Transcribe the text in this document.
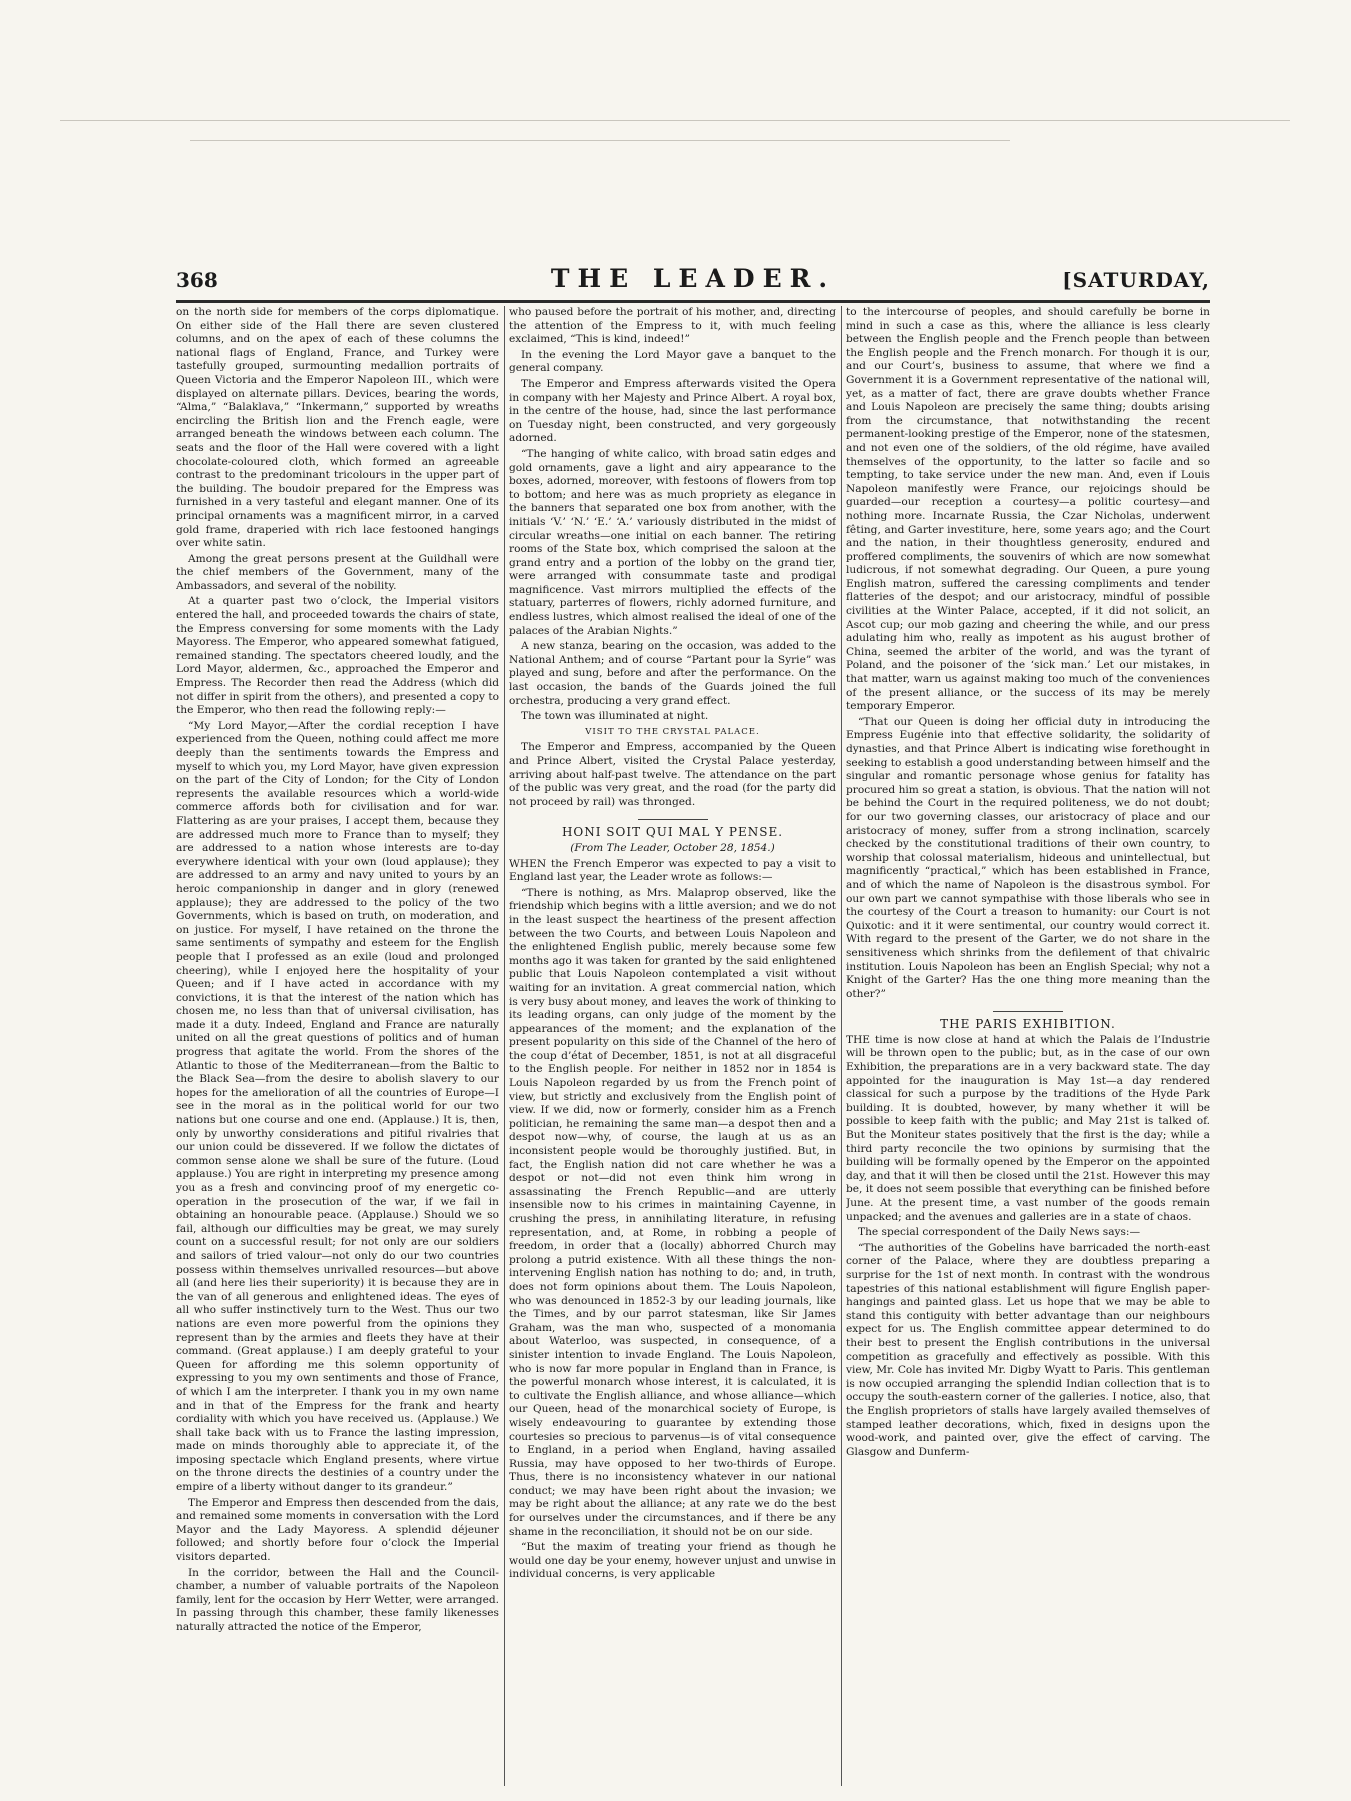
368	THE LEADER.	[SATURDAY,

on the north side for members of the corps diplomatique. On either side of the Hall there are seven clustered columns, and on the apex of each of these columns the national flags of England, France, and Turkey were tastefully grouped, surmounting medallion portraits of Queen Victoria and the Emperor Napoleon III., which were displayed on alternate pillars. Devices, bearing the words, “Alma,” “Balaklava,” “Inkermann,” supported by wreaths encircling the British lion and the French eagle, were arranged beneath the windows between each column. The seats and the floor of the Hall were covered with a light chocolate-coloured cloth, which formed an agreeable contrast to the predominant tricolours in the upper part of the building. The boudoir prepared for the Empress was furnished in a very tasteful and elegant manner. One of its principal ornaments was a magnificent mirror, in a carved gold frame, draperied with rich lace festooned hangings over white satin.

Among the great persons present at the Guildhall were the chief members of the Government, many of the Ambassadors, and several of the nobility.

At a quarter past two o’clock, the Imperial visitors entered the hall, and proceeded towards the chairs of state, the Empress conversing for some moments with the Lady Mayoress. The Emperor, who appeared somewhat fatigued, remained standing. The spectators cheered loudly, and the Lord Mayor, aldermen, &c., approached the Emperor and Empress. The Recorder then read the Address (which did not differ in spirit from the others), and presented a copy to the Emperor, who then read the following reply:—

“My Lord Mayor,—After the cordial reception I have experienced from the Queen, nothing could affect me more deeply than the sentiments towards the Empress and myself to which you, my Lord Mayor, have given expression on the part of the City of London; for the City of London represents the available resources which a world-wide commerce affords both for civilisation and for war. Flattering as are your praises, I accept them, because they are addressed much more to France than to myself; they are addressed to a nation whose interests are to-day everywhere identical with your own (loud applause); they are addressed to an army and navy united to yours by an heroic companionship in danger and in glory (renewed applause); they are addressed to the policy of the two Governments, which is based on truth, on moderation, and on justice. For myself, I have retained on the throne the same sentiments of sympathy and esteem for the English people that I professed as an exile (loud and prolonged cheering), while I enjoyed here the hospitality of your Queen; and if I have acted in accordance with my convictions, it is that the interest of the nation which has chosen me, no less than that of universal civilisation, has made it a duty. Indeed, England and France are naturally united on all the great questions of politics and of human progress that agitate the world. From the shores of the Atlantic to those of the Mediterranean—from the Baltic to the Black Sea—from the desire to abolish slavery to our hopes for the amelioration of all the countries of Europe—I see in the moral as in the political world for our two nations but one course and one end. (Applause.) It is, then, only by unworthy considerations and pitiful rivalries that our union could be dissevered. If we follow the dictates of common sense alone we shall be sure of the future. (Loud applause.) You are right in interpreting my presence among you as a fresh and convincing proof of my energetic co-operation in the prosecution of the war, if we fail in obtaining an honourable peace. (Applause.) Should we so fail, although our difficulties may be great, we may surely count on a successful result; for not only are our soldiers and sailors of tried valour—not only do our two countries possess within themselves unrivalled resources—but above all (and here lies their superiority) it is because they are in the van of all generous and enlightened ideas. The eyes of all who suffer instinctively turn to the West. Thus our two nations are even more powerful from the opinions they represent than by the armies and fleets they have at their command. (Great applause.) I am deeply grateful to your Queen for affording me this solemn opportunity of expressing to you my own sentiments and those of France, of which I am the interpreter. I thank you in my own name and in that of the Empress for the frank and hearty cordiality with which you have received us. (Applause.) We shall take back with us to France the lasting impression, made on minds thoroughly able to appreciate it, of the imposing spectacle which England presents, where virtue on the throne directs the destinies of a country under the empire of a liberty without danger to its grandeur.”

The Emperor and Empress then descended from the dais, and remained some moments in conversation with the Lord Mayor and the Lady Mayoress. A splendid déjeuner followed; and shortly before four o’clock the Imperial visitors departed.

In the corridor, between the Hall and the Council-chamber, a number of valuable portraits of the Napoleon family, lent for the occasion by Herr Wetter, were arranged. In passing through this chamber, these family likenesses naturally attracted the notice of the Emperor,

who paused before the portrait of his mother, and, directing the attention of the Empress to it, with much feeling exclaimed, “This is kind, indeed!”

In the evening the Lord Mayor gave a banquet to the general company.

The Emperor and Empress afterwards visited the Opera in company with her Majesty and Prince Albert. A royal box, in the centre of the house, had, since the last performance on Tuesday night, been constructed, and very gorgeously adorned.

“The hanging of white calico, with broad satin edges and gold ornaments, gave a light and airy appearance to the boxes, adorned, moreover, with festoons of flowers from top to bottom; and here was as much propriety as elegance in the banners that separated one box from another, with the initials ‘V.’ ‘N.’ ‘E.’ ‘A.’ variously distributed in the midst of circular wreaths—one initial on each banner. The retiring rooms of the State box, which comprised the saloon at the grand entry and a portion of the lobby on the grand tier, were arranged with consummate taste and prodigal magnificence. Vast mirrors multiplied the effects of the statuary, parterres of flowers, richly adorned furniture, and endless lustres, which almost realised the ideal of one of the palaces of the Arabian Nights.”

A new stanza, bearing on the occasion, was added to the National Anthem; and of course “Partant pour la Syrie” was played and sung, before and after the performance. On the last occasion, the bands of the Guards joined the full orchestra, producing a very grand effect.

The town was illuminated at night.

VISIT TO THE CRYSTAL PALACE.

The Emperor and Empress, accompanied by the Queen and Prince Albert, visited the Crystal Palace yesterday, arriving about half-past twelve. The attendance on the part of the public was very great, and the road (for the party did not proceed by rail) was thronged.

HONI SOIT QUI MAL Y PENSE.

(From The Leader, October 28, 1854.)

WHEN the French Emperor was expected to pay a visit to England last year, the Leader wrote as follows:—

“There is nothing, as Mrs. Malaprop observed, like the friendship which begins with a little aversion; and we do not in the least suspect the heartiness of the present affection between the two Courts, and between Louis Napoleon and the enlightened English public, merely because some few months ago it was taken for granted by the said enlightened public that Louis Napoleon contemplated a visit without waiting for an invitation. A great commercial nation, which is very busy about money, and leaves the work of thinking to its leading organs, can only judge of the moment by the appearances of the moment; and the explanation of the present popularity on this side of the Channel of the hero of the coup d’état of December, 1851, is not at all disgraceful to the English people. For neither in 1852 nor in 1854 is Louis Napoleon regarded by us from the French point of view, but strictly and exclusively from the English point of view. If we did, now or formerly, consider him as a French politician, he remaining the same man—a despot then and a despot now—why, of course, the laugh at us as an inconsistent people would be thoroughly justified. But, in fact, the English nation did not care whether he was a despot or not—did not even think him wrong in assassinating the French Republic—and are utterly insensible now to his crimes in maintaining Cayenne, in crushing the press, in annihilating literature, in refusing representation, and, at Rome, in robbing a people of freedom, in order that a (locally) abhorred Church may prolong a putrid existence. With all these things the non-intervening English nation has nothing to do; and, in truth, does not form opinions about them. The Louis Napoleon, who was denounced in 1852-3 by our leading journals, like the Times, and by our parrot statesman, like Sir James Graham, was the man who, suspected of a monomania about Waterloo, was suspected, in consequence, of a sinister intention to invade England. The Louis Napoleon, who is now far more popular in England than in France, is the powerful monarch whose interest, it is calculated, it is to cultivate the English alliance, and whose alliance—which our Queen, head of the monarchical society of Europe, is wisely endeavouring to guarantee by extending those courtesies so precious to parvenus—is of vital consequence to England, in a period when England, having assailed Russia, may have opposed to her two-thirds of Europe. Thus, there is no inconsistency whatever in our national conduct; we may have been right about the invasion; we may be right about the alliance; at any rate we do the best for ourselves under the circumstances, and if there be any shame in the reconciliation, it should not be on our side.

“But the maxim of treating your friend as though he would one day be your enemy, however unjust and unwise in individual concerns, is very applicable

to the intercourse of peoples, and should carefully be borne in mind in such a case as this, where the alliance is less clearly between the English people and the French people than between the English people and the French monarch. For though it is our, and our Court’s, business to assume, that where we find a Government it is a Government representative of the national will, yet, as a matter of fact, there are grave doubts whether France and Louis Napoleon are precisely the same thing; doubts arising from the circumstance, that notwithstanding the recent permanent-looking prestige of the Emperor, none of the statesmen, and not even one of the soldiers, of the old régime, have availed themselves of the opportunity, to the latter so facile and so tempting, to take service under the new man. And, even if Louis Napoleon manifestly were France, our rejoicings should be guarded—our reception a courtesy—a politic courtesy—and nothing more. Incarnate Russia, the Czar Nicholas, underwent fêting, and Garter investiture, here, some years ago; and the Court and the nation, in their thoughtless generosity, endured and proffered compliments, the souvenirs of which are now somewhat ludicrous, if not somewhat degrading. Our Queen, a pure young English matron, suffered the caressing compliments and tender flatteries of the despot; and our aristocracy, mindful of possible civilities at the Winter Palace, accepted, if it did not solicit, an Ascot cup; our mob gazing and cheering the while, and our press adulating him who, really as impotent as his august brother of China, seemed the arbiter of the world, and was the tyrant of Poland, and the poisoner of the ‘sick man.’ Let our mistakes, in that matter, warn us against making too much of the conveniences of the present alliance, or the success of its may be merely temporary Emperor.

“That our Queen is doing her official duty in introducing the Empress Eugénie into that effective solidarity, the solidarity of dynasties, and that Prince Albert is indicating wise forethought in seeking to establish a good understanding between himself and the singular and romantic personage whose genius for fatality has procured him so great a station, is obvious. That the nation will not be behind the Court in the required politeness, we do not doubt; for our two governing classes, our aristocracy of place and our aristocracy of money, suffer from a strong inclination, scarcely checked by the constitutional traditions of their own country, to worship that colossal materialism, hideous and unintellectual, but magnificently “practical,” which has been established in France, and of which the name of Napoleon is the disastrous symbol. For our own part we cannot sympathise with those liberals who see in the courtesy of the Court a treason to humanity: our Court is not Quixotic: and it it were sentimental, our country would correct it. With regard to the present of the Garter, we do not share in the sensitiveness which shrinks from the defilement of that chivalric institution. Louis Napoleon has been an English Special; why not a Knight of the Garter? Has the one thing more meaning than the other?”

THE PARIS EXHIBITION.

THE time is now close at hand at which the Palais de l’Industrie will be thrown open to the public; but, as in the case of our own Exhibition, the preparations are in a very backward state. The day appointed for the inauguration is May 1st—a day rendered classical for such a purpose by the traditions of the Hyde Park building. It is doubted, however, by many whether it will be possible to keep faith with the public; and May 21st is talked of. But the Moniteur states positively that the first is the day; while a third party reconcile the two opinions by surmising that the building will be formally opened by the Emperor on the appointed day, and that it will then be closed until the 21st. However this may be, it does not seem possible that everything can be finished before June. At the present time, a vast number of the goods remain unpacked; and the avenues and galleries are in a state of chaos.

The special correspondent of the Daily News says:—

“The authorities of the Gobelins have barricaded the north-east corner of the Palace, where they are doubtless preparing a surprise for the 1st of next month. In contrast with the wondrous tapestries of this national establishment will figure English paper-hangings and painted glass. Let us hope that we may be able to stand this contiguity with better advantage than our neighbours expect for us. The English committee appear determined to do their best to present the English contributions in the universal competition as gracefully and effectively as possible. With this view, Mr. Cole has invited Mr. Digby Wyatt to Paris. This gentleman is now occupied arranging the splendid Indian collection that is to occupy the south-eastern corner of the galleries. I notice, also, that the English proprietors of stalls have largely availed themselves of stamped leather decorations, which, fixed in designs upon the wood-work, and painted over, give the effect of carving. The Glasgow and Dunferm-
